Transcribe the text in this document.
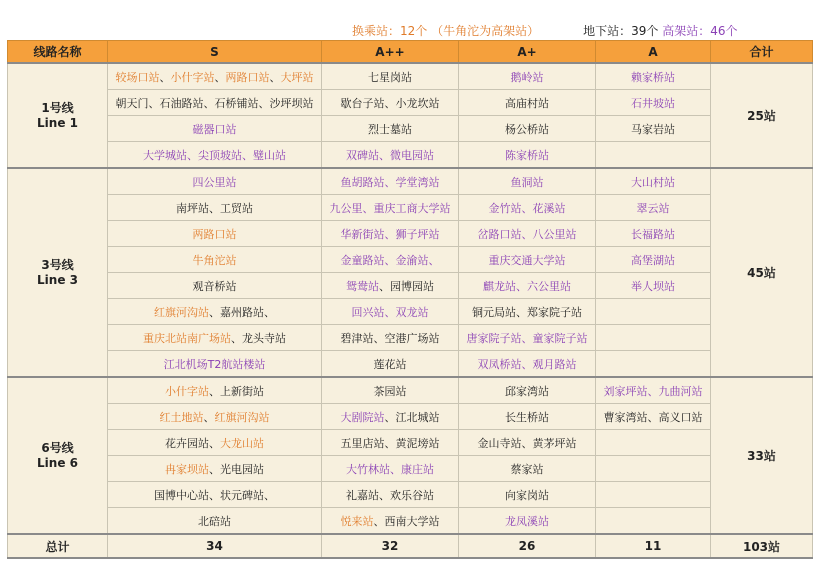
换乘站：12个 （牛角沱为高架站）	地下站：39个 高架站：46个
线路名称	S	A++	A+	A	合计

1号线
Line 1	较场口站、小什字站、两路口站、大坪站	七星岗站	鹅岭站	赖家桥站	25站
	朝天门、石油路站、石桥铺站、沙坪坝站	歇台子站、小龙坎站	高庙村站	石井坡站	
	磁器口站	烈士墓站	杨公桥站	马家岩站	
	大学城站、尖顶坡站、璧山站	双碑站、微电园站	陈家桥站		

3号线
Line 3	四公里站	鱼胡路站、学堂湾站	鱼洞站	大山村站	45站
	南坪站、工贸站	九公里、重庆工商大学站	金竹站、花溪站	翠云站	
	两路口站	华新街站、狮子坪站	岔路口站、八公里站	长福路站	
	牛角沱站	金童路站、金渝站、	重庆交通大学站	高堡湖站	
	观音桥站	鸳鸯站、园博园站	麒龙站、六公里站	举人坝站	
	红旗河沟站、嘉州路站、	回兴站、双龙站	铜元局站、郑家院子站		
	重庆北站南广场站、龙头寺站	碧津站、空港广场站	唐家院子站、童家院子站		
	江北机场T2航站楼站	莲花站	双凤桥站、观月路站		

6号线
Line 6	小什字站、上新街站	茶园站	邱家湾站	刘家坪站、九曲河站	33站
	红土地站、红旗河沟站	大剧院站、江北城站	长生桥站	曹家湾站、高义口站	
	花卉园站、大龙山站	五里店站、黄泥塝站	金山寺站、黄茅坪站		
	冉家坝站、光电园站	大竹林站、康庄站	蔡家站		
	国博中心站、状元碑站、	礼嘉站、欢乐谷站	向家岗站		
	北碚站	悦来站、西南大学站	龙凤溪站		
总计	34	32	26	11	103站
